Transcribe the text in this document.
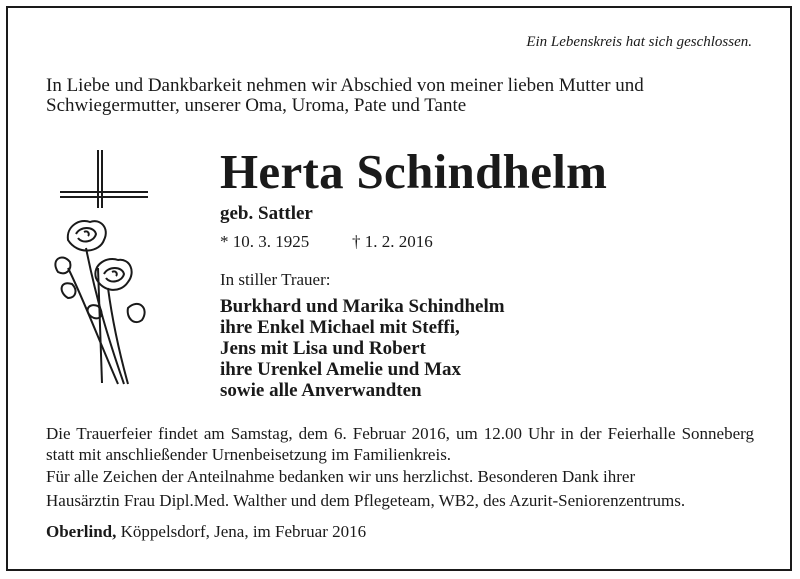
Ein Lebenskreis hat sich geschlossen.
In Liebe und Dankbarkeit nehmen wir Abschied von meiner lieben Mutter und
Schwiegermutter, unserer Oma, Uroma, Pate und Tante
Herta Schindhelm
geb. Sattler
* 10. 3. 1925	† 1. 2. 2016
In stiller Trauer:
Burkhard und Marika Schindhelm
ihre Enkel Michael mit Steffi,
Jens mit Lisa und Robert
ihre Urenkel Amelie und Max
sowie alle Anverwandten
Die Trauerfeier findet am Samstag, dem 6. Februar 2016, um 12.00 Uhr in der Feierhalle Sonneberg statt mit anschließender Urnenbeisetzung im Familienkreis.
Für alle Zeichen der Anteilnahme bedanken wir uns herzlichst. Besonderen Dank ihrer
Hausärztin Frau Dipl.Med. Walther und dem Pflegeteam, WB2, des Azurit-Seniorenzentrums.
Oberlind, Köppelsdorf, Jena, im Februar 2016
